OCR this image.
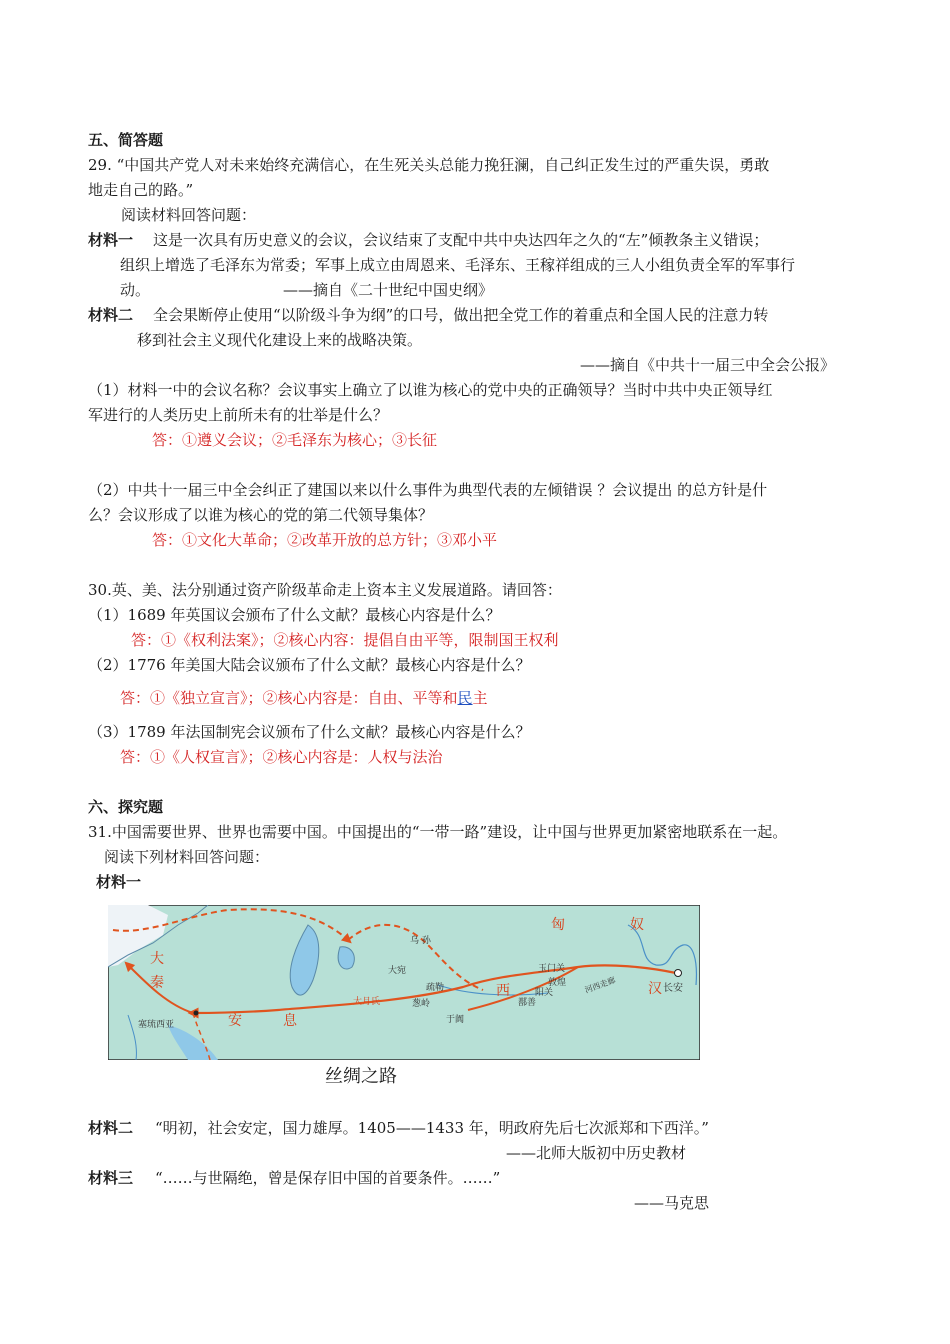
五、简答题
29. “中国共产党人对未来始终充满信心，在生死关头总能力挽狂澜，自己纠正发生过的严重失误，勇敢
地走自己的路。”
阅读材料回答问题：
材料一 这是一次具有历史意义的会议，会议结束了支配中共中央达四年之久的“左”倾教条主义错误；
组织上增选了毛泽东为常委；军事上成立由周恩来、毛泽东、王稼祥组成的三人小组负责全军的军事行
动。	——摘自《二十世纪中国史纲》
材料二 全会果断停止使用“以阶级斗争为纲”的口号，做出把全党工作的着重点和全国人民的注意力转
移到社会主义现代化建设上来的战略决策。
——摘自《中共十一届三中全会公报》
（1）材料一中的会议名称？会议事实上确立了以谁为核心的党中央的正确领导？当时中共中央正领导红
军进行的人类历史上前所未有的壮举是什么？
答：①遵义会议；②毛泽东为核心；③长征
（2）中共十一届三中全会纠正了建国以来以什么事件为典型代表的左倾错误 ？会议提出 的总方针是什
么？会议形成了以谁为核心的党的第二代领导集体？
答：①文化大革命；②改革开放的总方针；③邓小平
30.英、美、法分别通过资产阶级革命走上资本主义发展道路。请回答：
（1）1689 年英国议会颁布了什么文献？最核心内容是什么？
答：①《权利法案》；②核心内容：提倡自由平等，限制国王权利
（2）1776 年美国大陆会议颁布了什么文献？最核心内容是什么？
答：①《独立宣言》；②核心内容是：自由、平等和民主
（3）1789 年法国制宪会议颁布了什么文献？最核心内容是什么？
答：①《人权宣言》；②核心内容是：人权与法治
六、探究题
31.中国需要世界、世界也需要中国。中国提出的“一带一路”建设，让中国与世界更加紧密地联系在一起。
阅读下列材料回答问题：
材料一
匈	奴
大
秦
安	息
汉
西
乌 孙
大宛
大月氏
疏勒
葱岭
于阗
玉门关
敦煌
阳关
鄯善
河西走廊	长安
塞琉西亚
丝绸之路
材料二 “明初，社会安定，国力雄厚。1405——1433 年，明政府先后七次派郑和下西洋。”
——北师大版初中历史教材
材料三 “……与世隔绝，曾是保存旧中国的首要条件。……”
——马克思
